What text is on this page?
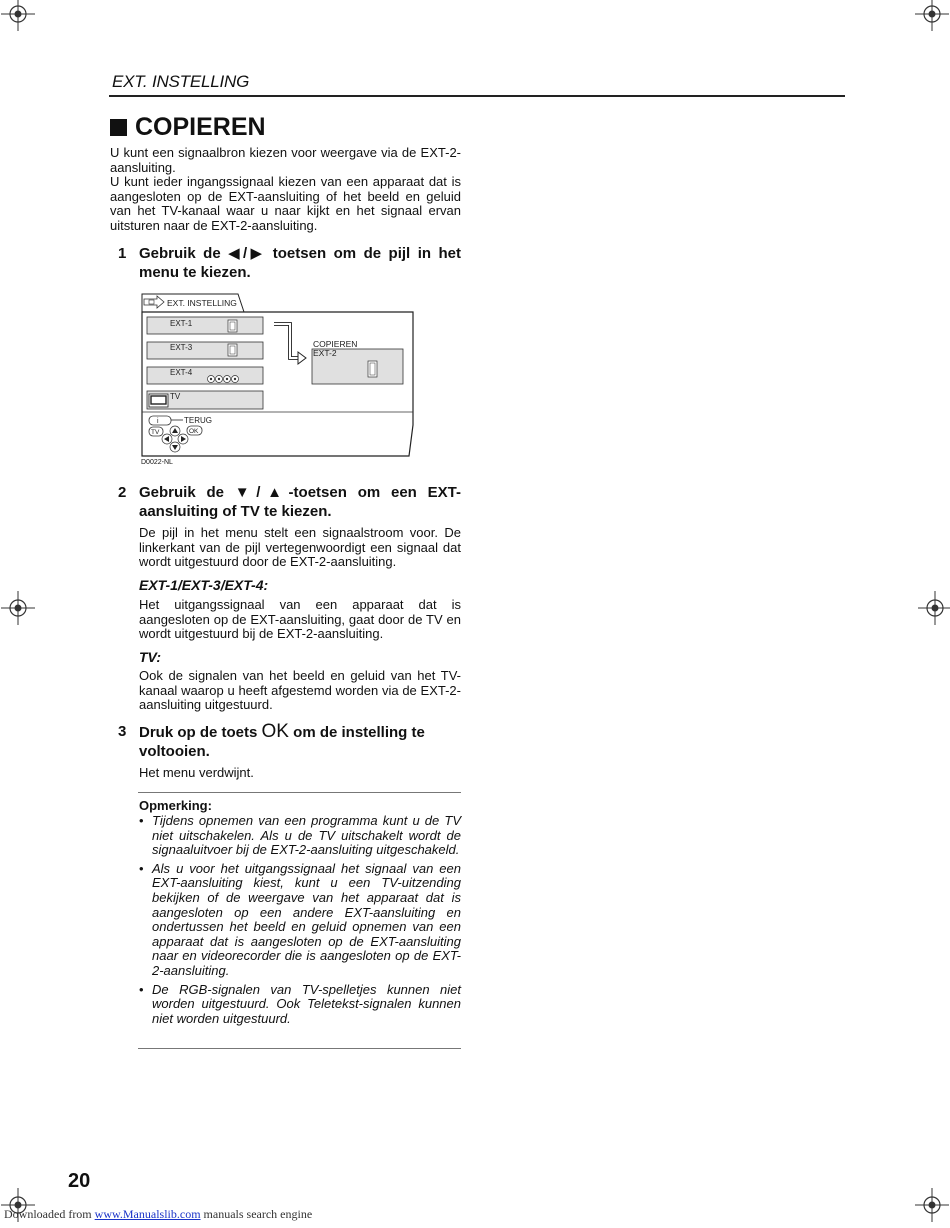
EXT. INSTELLING
COPIEREN

U kunt een signaalbron kiezen voor weergave via de EXT-2-aansluiting.

U kunt ieder ingangssignaal kiezen van een apparaat dat is aangesloten op de EXT-aansluiting of het beeld en geluid van het TV-kanaal waar u naar kijkt en het signaal ervan uitsturen naar de EXT-2-aansluiting.

1 Gebruik de ◀/▶ toetsen om de pijl in het menu te kiezen.
EXT. INSTELLING
EXT-1
EXT-3
EXT-4
TV
COPIEREN
EXT-2
i	TERUG
TV	OK
D0022-NL
2 Gebruik de ▼/▲-toetsen om een EXT-aansluiting of TV te kiezen.
De pijl in het menu stelt een signaalstroom voor. De linkerkant van de pijl vertegenwoordigt een signaal dat wordt uitgestuurd door de EXT-2-aansluiting.
EXT-1/EXT-3/EXT-4:
Het uitgangssignaal van een apparaat dat is aangesloten op de EXT-aansluiting, gaat door de TV en wordt uitgestuurd bij de EXT-2-aansluiting.
TV:
Ook de signalen van het beeld en geluid van het TV-kanaal waarop u heeft afgestemd worden via de EXT-2-aansluiting uitgestuurd.
3 Druk op de toets OK om de instelling te voltooien.
Het menu verdwijnt.
Opmerking:
• Tijdens opnemen van een programma kunt u de TV niet uitschakelen. Als u de TV uitschakelt wordt de signaaluitvoer bij de EXT-2-aansluiting uitgeschakeld.
• Als u voor het uitgangssignaal het signaal van een EXT-aansluiting kiest, kunt u een TV-uitzending bekijken of de weergave van het apparaat dat is aangesloten op een andere EXT-aansluiting en ondertussen het beeld en geluid opnemen van een apparaat dat is aangesloten op de EXT-aansluiting naar en videorecorder die is aangesloten op de EXT-2-aansluiting.
• De RGB-signalen van TV-spelletjes kunnen niet worden uitgestuurd. Ook Teletekst-signalen kunnen niet worden uitgestuurd.
20
Downloaded from www.Manualslib.com manuals search engine
